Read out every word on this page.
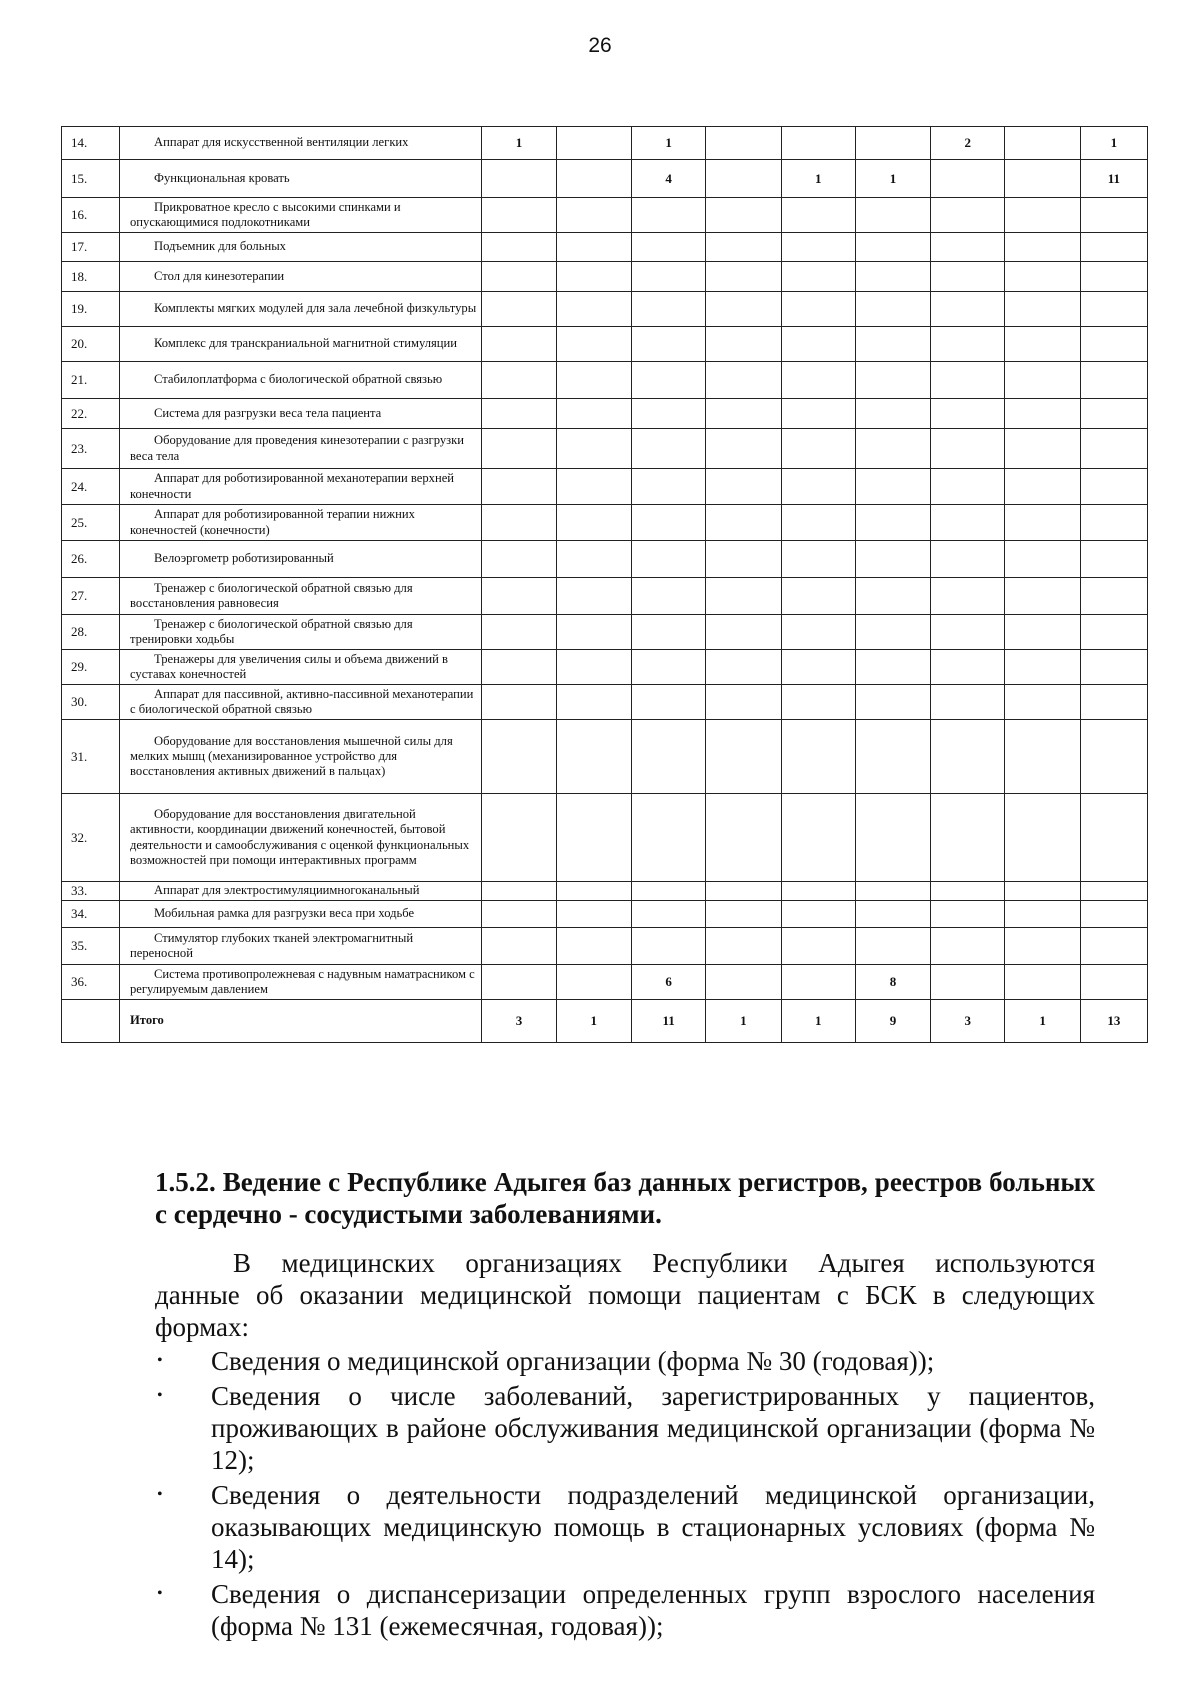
26
14.	Аппарат для искусственной вентиляции легких	1		1				2		1
15.	Функциональная кровать			4		1	1			11
16.	Прикроватное кресло с высокими спинками и опускающимися подлокотниками									
17.	Подъемник для больных									
18.	Стол для кинезотерапии									
19.	Комплекты мягких модулей для зала лечебной физкультуры									
20.	Комплекс для транскраниальной магнитной стимуляции									
21.	Стабилоплатформа с биологической обратной связью									
22.	Система для разгрузки веса тела пациента									
23.	Оборудование для проведения кинезотерапии с разгрузки веса тела									
24.	Аппарат для роботизированной механотерапии верхней конечности									
25.	Аппарат для роботизированной терапии нижних конечностей (конечности)									
26.	Велоэргометр роботизированный									
27.	Тренажер с биологической обратной связью для восстановления равновесия									
28.	Тренажер с биологической обратной связью для тренировки ходьбы									
29.	Тренажеры для увеличения силы и объема движений в суставах конечностей									
30.	Аппарат для пассивной, активно-пассивной механотерапии с биологической обратной связью									
31.	Оборудование для восстановления мышечной силы для мелких мышц (механизированное устройство для восстановления активных движений в пальцах)									
32.	Оборудование для восстановления двигательной активности, координации движений конечностей, бытовой деятельности и самообслуживания с оценкой функциональных возможностей при помощи интерактивных программ									
33.	Аппарат для электростимуляциимногоканальный									
34.	Мобильная рамка для разгрузки веса при ходьбе									
35.	Стимулятор глубоких тканей электромагнитный переносной									
36.	Система противопролежневая с надувным наматрасником с регулируемым давлением			6			8			
	Итого	3	1	11	1	1	9	3	1	13
1.5.2. Ведение с Республике Адыгея баз данных регистров, реестров больных с сердечно - сосудистыми заболеваниями.
В медицинских организациях Республики Адыгея используются
данные об оказании медицинской помощи пациентам с БСК в следующих формах:
• Сведения о медицинской организации (форма № 30 (годовая));
• Сведения о числе заболеваний, зарегистрированных у пациентов, проживающих в районе обслуживания медицинской организации (форма № 12);
• Сведения о деятельности подразделений медицинской организации, оказывающих медицинскую помощь в стационарных условиях (форма № 14);
• Сведения о диспансеризации определенных групп взрослого населения (форма № 131 (ежемесячная, годовая));
